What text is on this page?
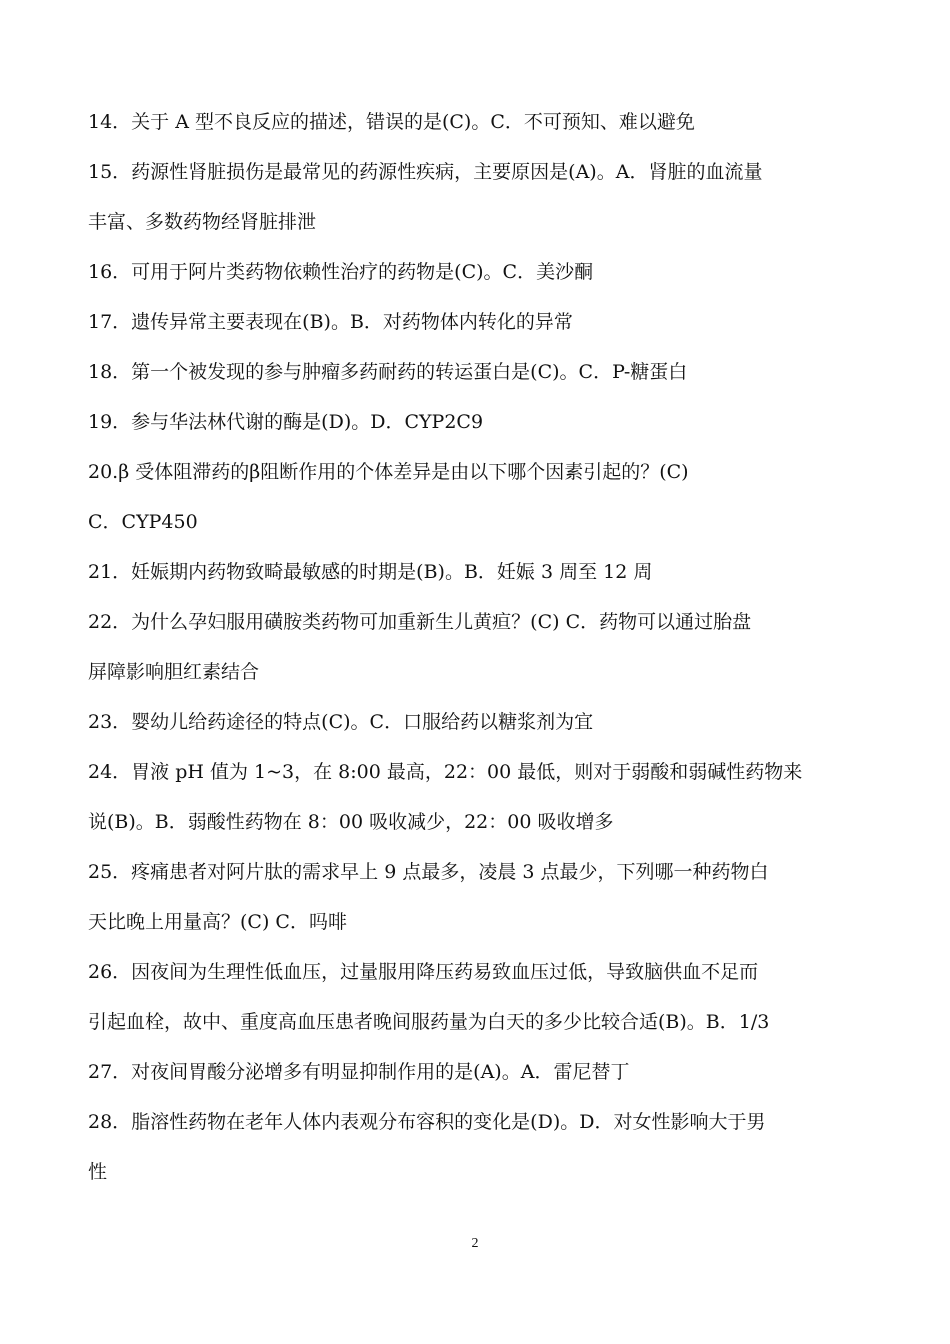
14．关于 A 型不良反应的描述，错误的是(C)。C．不可预知、难以避免
15．药源性肾脏损伤是最常见的药源性疾病，主要原因是(A)。A．肾脏的血流量
丰富、多数药物经肾脏排泄
16．可用于阿片类药物依赖性治疗的药物是(C)。C．美沙酮
17．遗传异常主要表现在(B)。B．对药物体内转化的异常
18．第一个被发现的参与肿瘤多药耐药的转运蛋白是(C)。C．P-糖蛋白
19．参与华法林代谢的酶是(D)。D．CYP2C9
20.β 受体阻滞药的β阻断作用的个体差异是由以下哪个因素引起的？(C)
C．CYP450
21．妊娠期内药物致畸最敏感的时期是(B)。B．妊娠 3 周至 12 周
22．为什么孕妇服用磺胺类药物可加重新生儿黄疸？(C) C．药物可以通过胎盘
屏障影响胆红素结合
23．婴幼儿给药途径的特点(C)。C．口服给药以糖浆剂为宜
24．胃液 pH 值为 1~3，在 8:00 最高，22：00 最低，则对于弱酸和弱碱性药物来
说(B)。B．弱酸性药物在 8：00 吸收减少，22：00 吸收增多
25．疼痛患者对阿片肽的需求早上 9 点最多，凌晨 3 点最少，下列哪一种药物白
天比晚上用量高？(C) C．吗啡
26．因夜间为生理性低血压，过量服用降压药易致血压过低，导致脑供血不足而
引起血栓，故中、重度高血压患者晚间服药量为白天的多少比较合适(B)。B．1/3
27．对夜间胃酸分泌增多有明显抑制作用的是(A)。A．雷尼替丁
28．脂溶性药物在老年人体内表观分布容积的变化是(D)。D．对女性影响大于男
性
2
